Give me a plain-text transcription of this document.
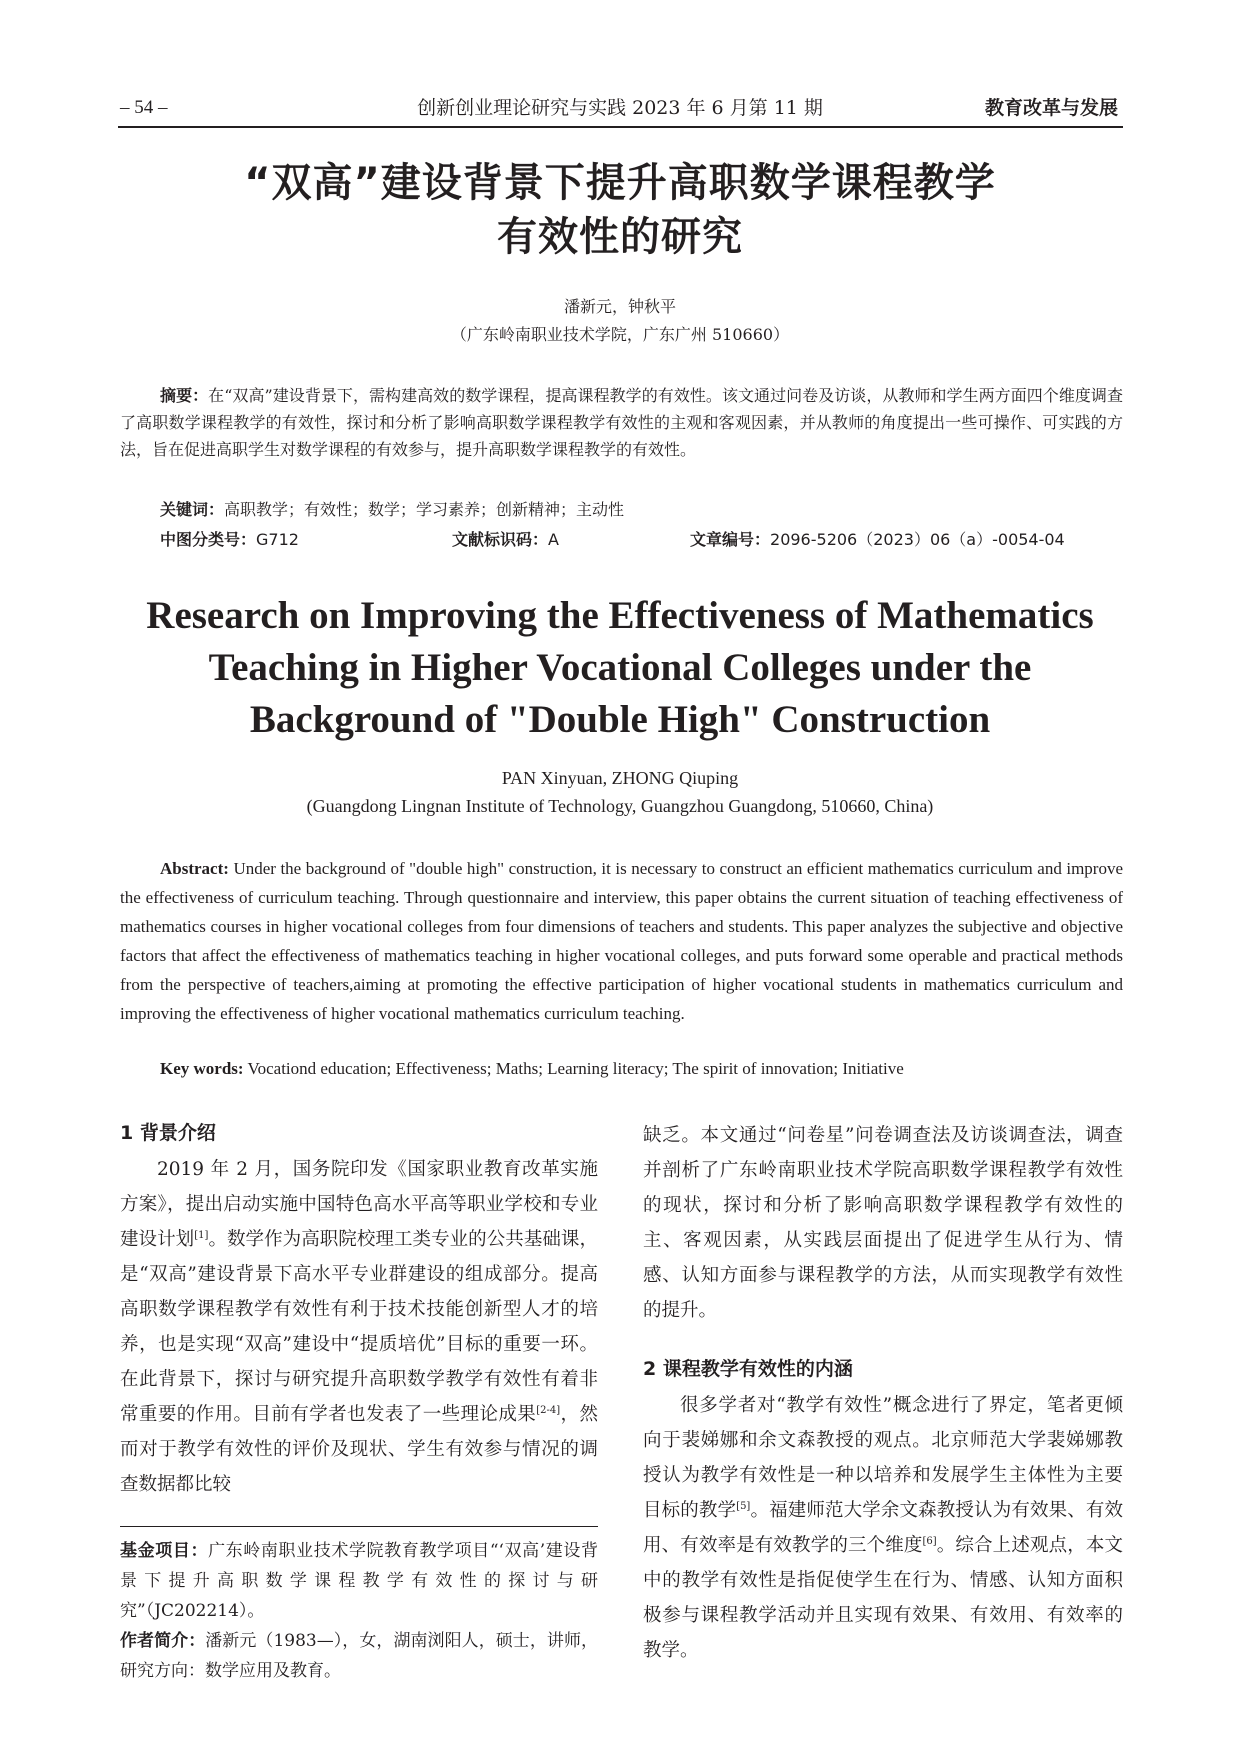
– 54 –	创新创业理论研究与实践 2023 年 6 月第 11 期	教育改革与发展
“双高”建设背景下提升高职数学课程教学
有效性的研究
潘新元，钟秋平
（广东岭南职业技术学院，广东广州 510660）
摘要：在“双高”建设背景下，需构建高效的数学课程，提高课程教学的有效性。该文通过问卷及访谈，从教师和学生两方面四个维度调查了高职数学课程教学的有效性，探讨和分析了影响高职数学课程教学有效性的主观和客观因素，并从教师的角度提出一些可操作、可实践的方法，旨在促进高职学生对数学课程的有效参与，提升高职数学课程教学的有效性。
关键词：高职教学；有效性；数学；学习素养；创新精神；主动性
中图分类号：G712	文献标识码：A	文章编号：2096-5206（2023）06（a）-0054-04
Research on Improving the Effectiveness of Mathematics
Teaching in Higher Vocational Colleges under the
Background of "Double High" Construction
PAN Xinyuan, ZHONG Qiuping
(Guangdong Lingnan Institute of Technology, Guangzhou Guangdong, 510660, China)
Abstract: Under the background of "double high" construction, it is necessary to construct an efficient mathematics curriculum and improve the effectiveness of curriculum teaching. Through questionnaire and interview, this paper obtains the current situation of teaching effectiveness of mathematics courses in higher vocational colleges from four dimensions of teachers and students. This paper analyzes the subjective and objective factors that affect the effectiveness of mathematics teaching in higher vocational colleges, and puts forward some operable and practical methods from the perspective of teachers,aiming at promoting the effective participation of higher vocational students in mathematics curriculum and improving the effectiveness of higher vocational mathematics curriculum teaching.
Key words: Vocationd education; Effectiveness; Maths; Learning literacy; The spirit of innovation; Initiative
1 背景介绍
2019 年 2 月，国务院印发《国家职业教育改革实施方案》，提出启动实施中国特色高水平高等职业学校和专业建设计划[1]。数学作为高职院校理工类专业的公共基础课，是“双高”建设背景下高水平专业群建设的组成部分。提高高职数学课程教学有效性有利于技术技能创新型人才的培养，也是实现“双高”建设中“提质培优”目标的重要一环。在此背景下，探讨与研究提升高职数学教学有效性有着非常重要的作用。目前有学者也发表了一些理论成果[2-4]，然而对于教学有效性的评价及现状、学生有效参与情况的调查数据都比较
基金项目：广东岭南职业技术学院教育教学项目“‘双高’建设背景下提升高职数学课程教学有效性的探讨与研究”（JC202214）。
作者简介：潘新元（1983—），女，湖南浏阳人，硕士，讲师，研究方向：数学应用及教育。
缺乏。本文通过“问卷星”问卷调查法及访谈调查法，调查并剖析了广东岭南职业技术学院高职数学课程教学有效性的现状，探讨和分析了影响高职数学课程教学有效性的主、客观因素，从实践层面提出了促进学生从行为、情感、认知方面参与课程教学的方法，从而实现教学有效性的提升。
2 课程教学有效性的内涵
很多学者对“教学有效性”概念进行了界定，笔者更倾向于裴娣娜和余文森教授的观点。北京师范大学裴娣娜教授认为教学有效性是一种以培养和发展学生主体性为主要目标的教学[5]。福建师范大学余文森教授认为有效果、有效用、有效率是有效教学的三个维度[6]。综合上述观点，本文中的教学有效性是指促使学生在行为、情感、认知方面积极参与课程教学活动并且实现有效果、有效用、有效率的教学。
